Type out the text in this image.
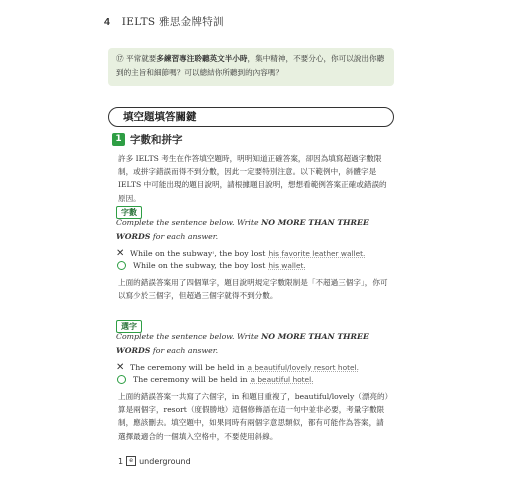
4 IELTS 雅思金牌特訓
⑰ 平常就要多練習專注聆聽英文半小時，集中精神，不要分心，你可以說出你聽到的主旨和細節嗎？可以總結你所聽到的內容嗎？
填空題填答關鍵
1 字數和拼字
許多 IELTS 考生在作答填空題時，明明知道正確答案，卻因為填寫超過字數限制，或拼字錯誤而得不到分數，因此一定要特別注意。以下範例中，斜體字是 IELTS 中可能出現的題目說明，請根據題目說明，想想看範例答案正確或錯誤的原因。
字數
Complete the sentence below. Write NO MORE THAN THREE WORDS for each answer.
✕ While on the subway ¹ , the boy lost his favorite leather wallet.
While on the subway, the boy lost his wallet.
上面的錯誤答案用了四個單字，題目說明規定字數限制是「不超過三個字」，你可以寫少於三個字，但超過三個字就得不到分數。
選字
Complete the sentence below. Write NO MORE THAN THREE WORDS for each answer.
✕ The ceremony will be held in a beautiful/lovely resort hotel.
The ceremony will be held in a beautiful hotel.
上面的錯誤答案一共寫了六個字，in 和題目重複了，beautiful/lovely（漂亮的）算是兩個字，resort（度假勝地）這個修飾語在這一句中並非必要，考量字數限制，應該刪去。填空題中，如果同時有兩個字意思類似，都有可能作為答案，請選擇最適合的一個填入空格中，不要使用斜線。
1	e underground
